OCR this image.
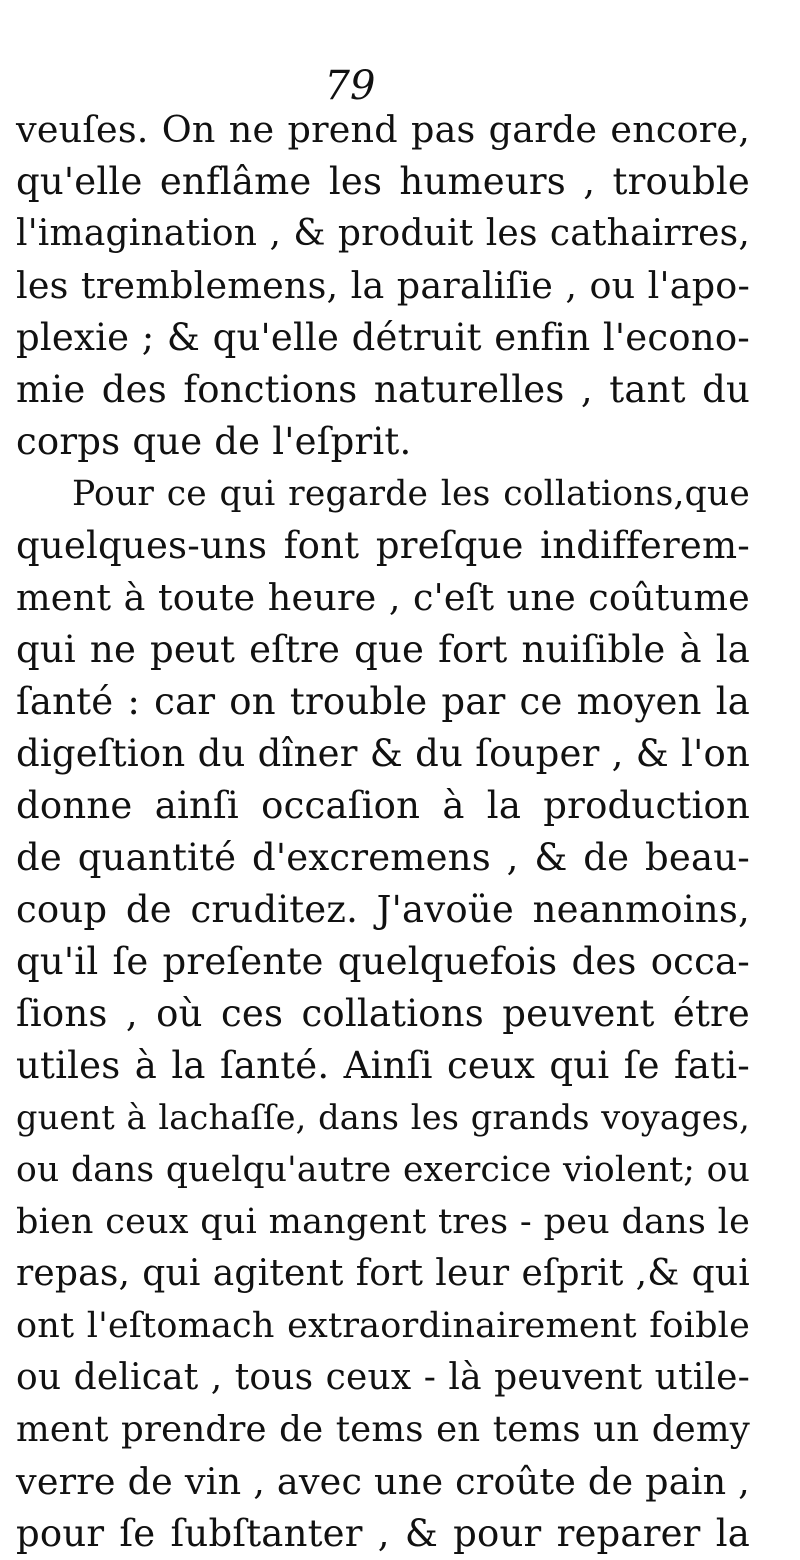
79
veuſes. On ne prend pas garde encore,
qu'elle enflâme les humeurs , trouble
l'imagination , & produit les cathairres,
les tremblemens, la paraliſie , ou l'apo-
plexie ; & qu'elle détruit enfin l'econo-
mie des fonctions naturelles , tant du
corps que de l'eſprit.
Pour ce qui regarde les collations,que
quelques-uns font preſque indifferem-
ment à toute heure , c'eſt une coûtume
qui ne peut eſtre que fort nuiſible à la
ſanté : car on trouble par ce moyen la
digeſtion du dîner & du ſouper , & l'on
donne ainſi occaſion à la production
de quantité d'excremens , & de beau-
coup de cruditez. J'avoüe neanmoins,
qu'il ſe preſente quelquefois des occa-
ſions , où ces collations peuvent étre
utiles à la ſanté. Ainſi ceux qui ſe fati-
guent à lachaſſe, dans les grands voyages,
ou dans quelqu'autre exercice violent; ou
bien ceux qui mangent tres - peu dans le
repas, qui agitent fort leur eſprit ,& qui
ont l'eſtomach extraordinairement foible
ou delicat , tous ceux - là peuvent utile-
ment prendre de tems en tems un demy
verre de vin , avec une croûte de pain ,
pour ſe ſubſtanter , & pour reparer la
